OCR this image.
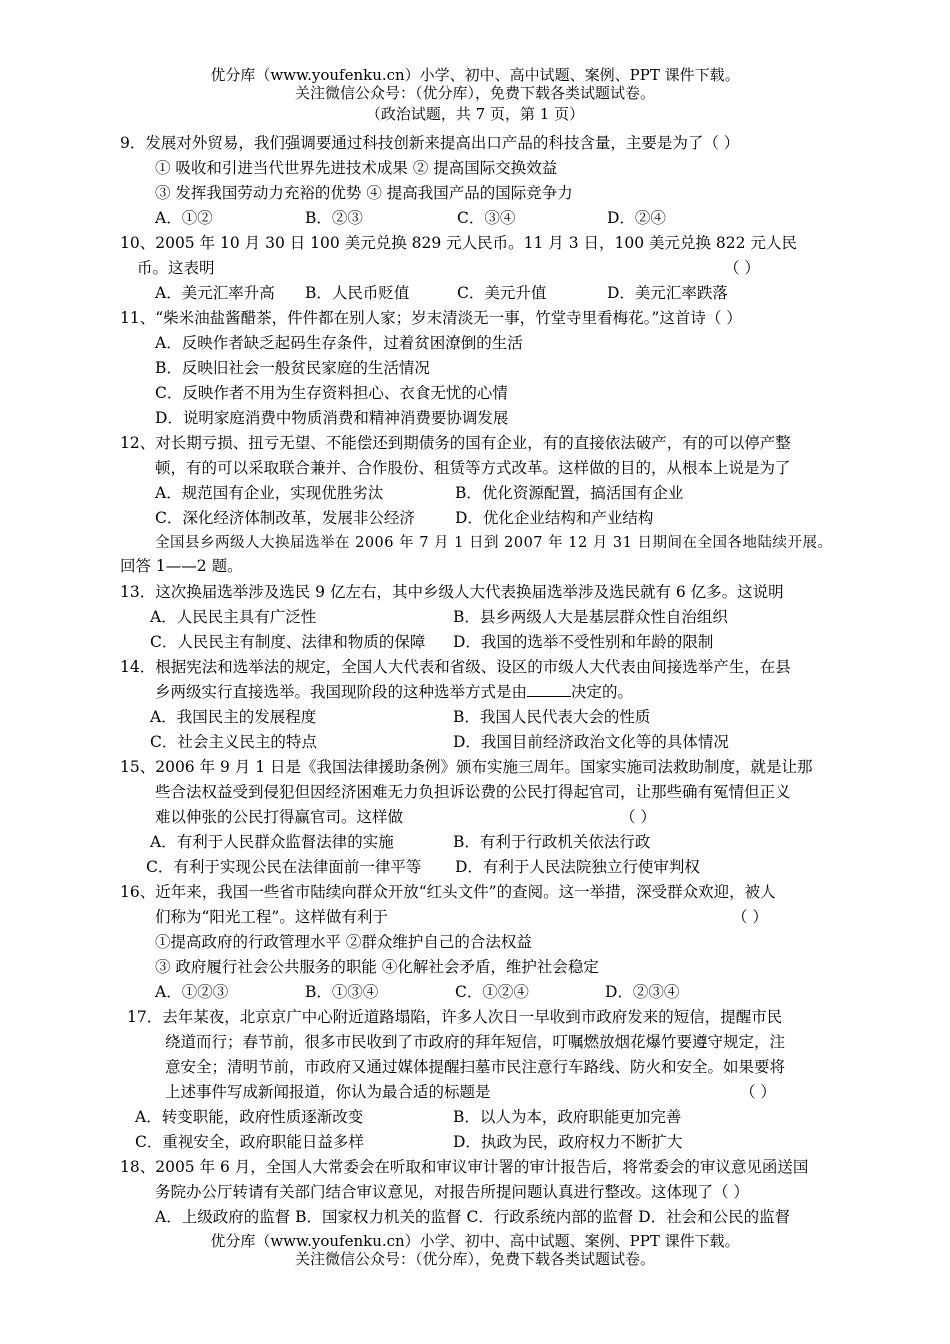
优分库（www.youfenku.cn）小学、初中、高中试题、案例、PPT 课件下载。
关注微信公众号：（优分库），免费下载各类试题试卷。
（政治试题，共 7 页，第 1 页）
9．发展对外贸易，我们强调要通过科技创新来提高出口产品的科技含量，主要是为了（ ）
① 吸收和引进当代世界先进技术成果 ② 提高国际交换效益
③ 发挥我国劳动力充裕的优势 ④ 提高我国产品的国际竞争力
A．①②	B．②③	C．③④	D．②④
10、2005 年 10 月 30 日 100 美元兑换 829 元人民币。11 月 3 日，100 美元兑换 822 元人民
币。这表明	（ ）
A．美元汇率升高 B．人民币贬值	C．美元升值	D．美元汇率跌落
11、“柴米油盐酱醋茶，件件都在别人家；岁末清淡无一事，竹堂寺里看梅花。”这首诗（ ）
A．反映作者缺乏起码生存条件，过着贫困潦倒的生活
B．反映旧社会一般贫民家庭的生活情况
C．反映作者不用为生存资料担心、衣食无忧的心情
D．说明家庭消费中物质消费和精神消费要协调发展
12、对长期亏损、扭亏无望、不能偿还到期债务的国有企业，有的直接依法破产，有的可以停产整
顿，有的可以采取联合兼并、合作股份、租赁等方式改革。这样做的目的，从根本上说是为了
A．规范国有企业，实现优胜劣汰	B．优化资源配置，搞活国有企业
C．深化经济体制改革，发展非公经济	D．优化企业结构和产业结构
全国县乡两级人大换届选举在 2006 年 7 月 1 日到 2007 年 12 月 31 日期间在全国各地陆续开展。
回答 1——2 题。
13．这次换届选举涉及选民 9 亿左右，其中乡级人大代表换届选举涉及选民就有 6 亿多。这说明
A．人民民主具有广泛性	B．县乡两级人大是基层群众性自治组织
C．人民民主有制度、法律和物质的保障 D．我国的选举不受性别和年龄的限制
14．根据宪法和选举法的规定，全国人大代表和省级、设区的市级人大代表由间接选举产生，在县
乡两级实行直接选举。我国现阶段的这种选举方式是由	决定的。
A．我国民主的发展程度	B．我国人民代表大会的性质
C．社会主义民主的特点	D．我国目前经济政治文化等的具体情况
15、2006 年 9 月 1 日是《我国法律援助条例》颁布实施三周年。国家实施司法救助制度，就是让那
些合法权益受到侵犯但因经济困难无力负担诉讼费的公民打得起官司，让那些确有冤情但正义
难以伸张的公民打得赢官司。这样做	（ ）
A．有利于人民群众监督法律的实施	B．有利于行政机关依法行政
C．有利于实现公民在法律面前一律平等 D．有利于人民法院独立行使审判权
16、近年来，我国一些省市陆续向群众开放“红头文件”的查阅。这一举措，深受群众欢迎，被人
们称为“阳光工程”。这样做有利于	（ ）
①提高政府的行政管理水平 ②群众维护自己的合法权益
③ 政府履行社会公共服务的职能 ④化解社会矛盾，维护社会稳定
A．①②③	B．①③④	C．①②④	D．②③④
17．去年某夜，北京京广中心附近道路塌陷，许多人次日一早收到市政府发来的短信，提醒市民
绕道而行；春节前，很多市民收到了市政府的拜年短信，叮嘱燃放烟花爆竹要遵守规定，注
意安全；清明节前，市政府又通过媒体提醒扫墓市民注意行车路线、防火和安全。如果要将
上述事件写成新闻报道，你认为最合适的标题是	（ ）
A．转变职能，政府性质逐渐改变	B．以人为本，政府职能更加完善
C．重视安全，政府职能日益多样	D．执政为民，政府权力不断扩大
18、2005 年 6 月，全国人大常委会在听取和审议审计署的审计报告后，将常委会的审议意见函送国
务院办公厅转请有关部门结合审议意见，对报告所提问题认真进行整改。这体现了（ ）
A．上级政府的监督 B．国家权力机关的监督 C．行政系统内部的监督 D．社会和公民的监督
优分库（www.youfenku.cn）小学、初中、高中试题、案例、PPT 课件下载。
关注微信公众号：（优分库），免费下载各类试题试卷。
